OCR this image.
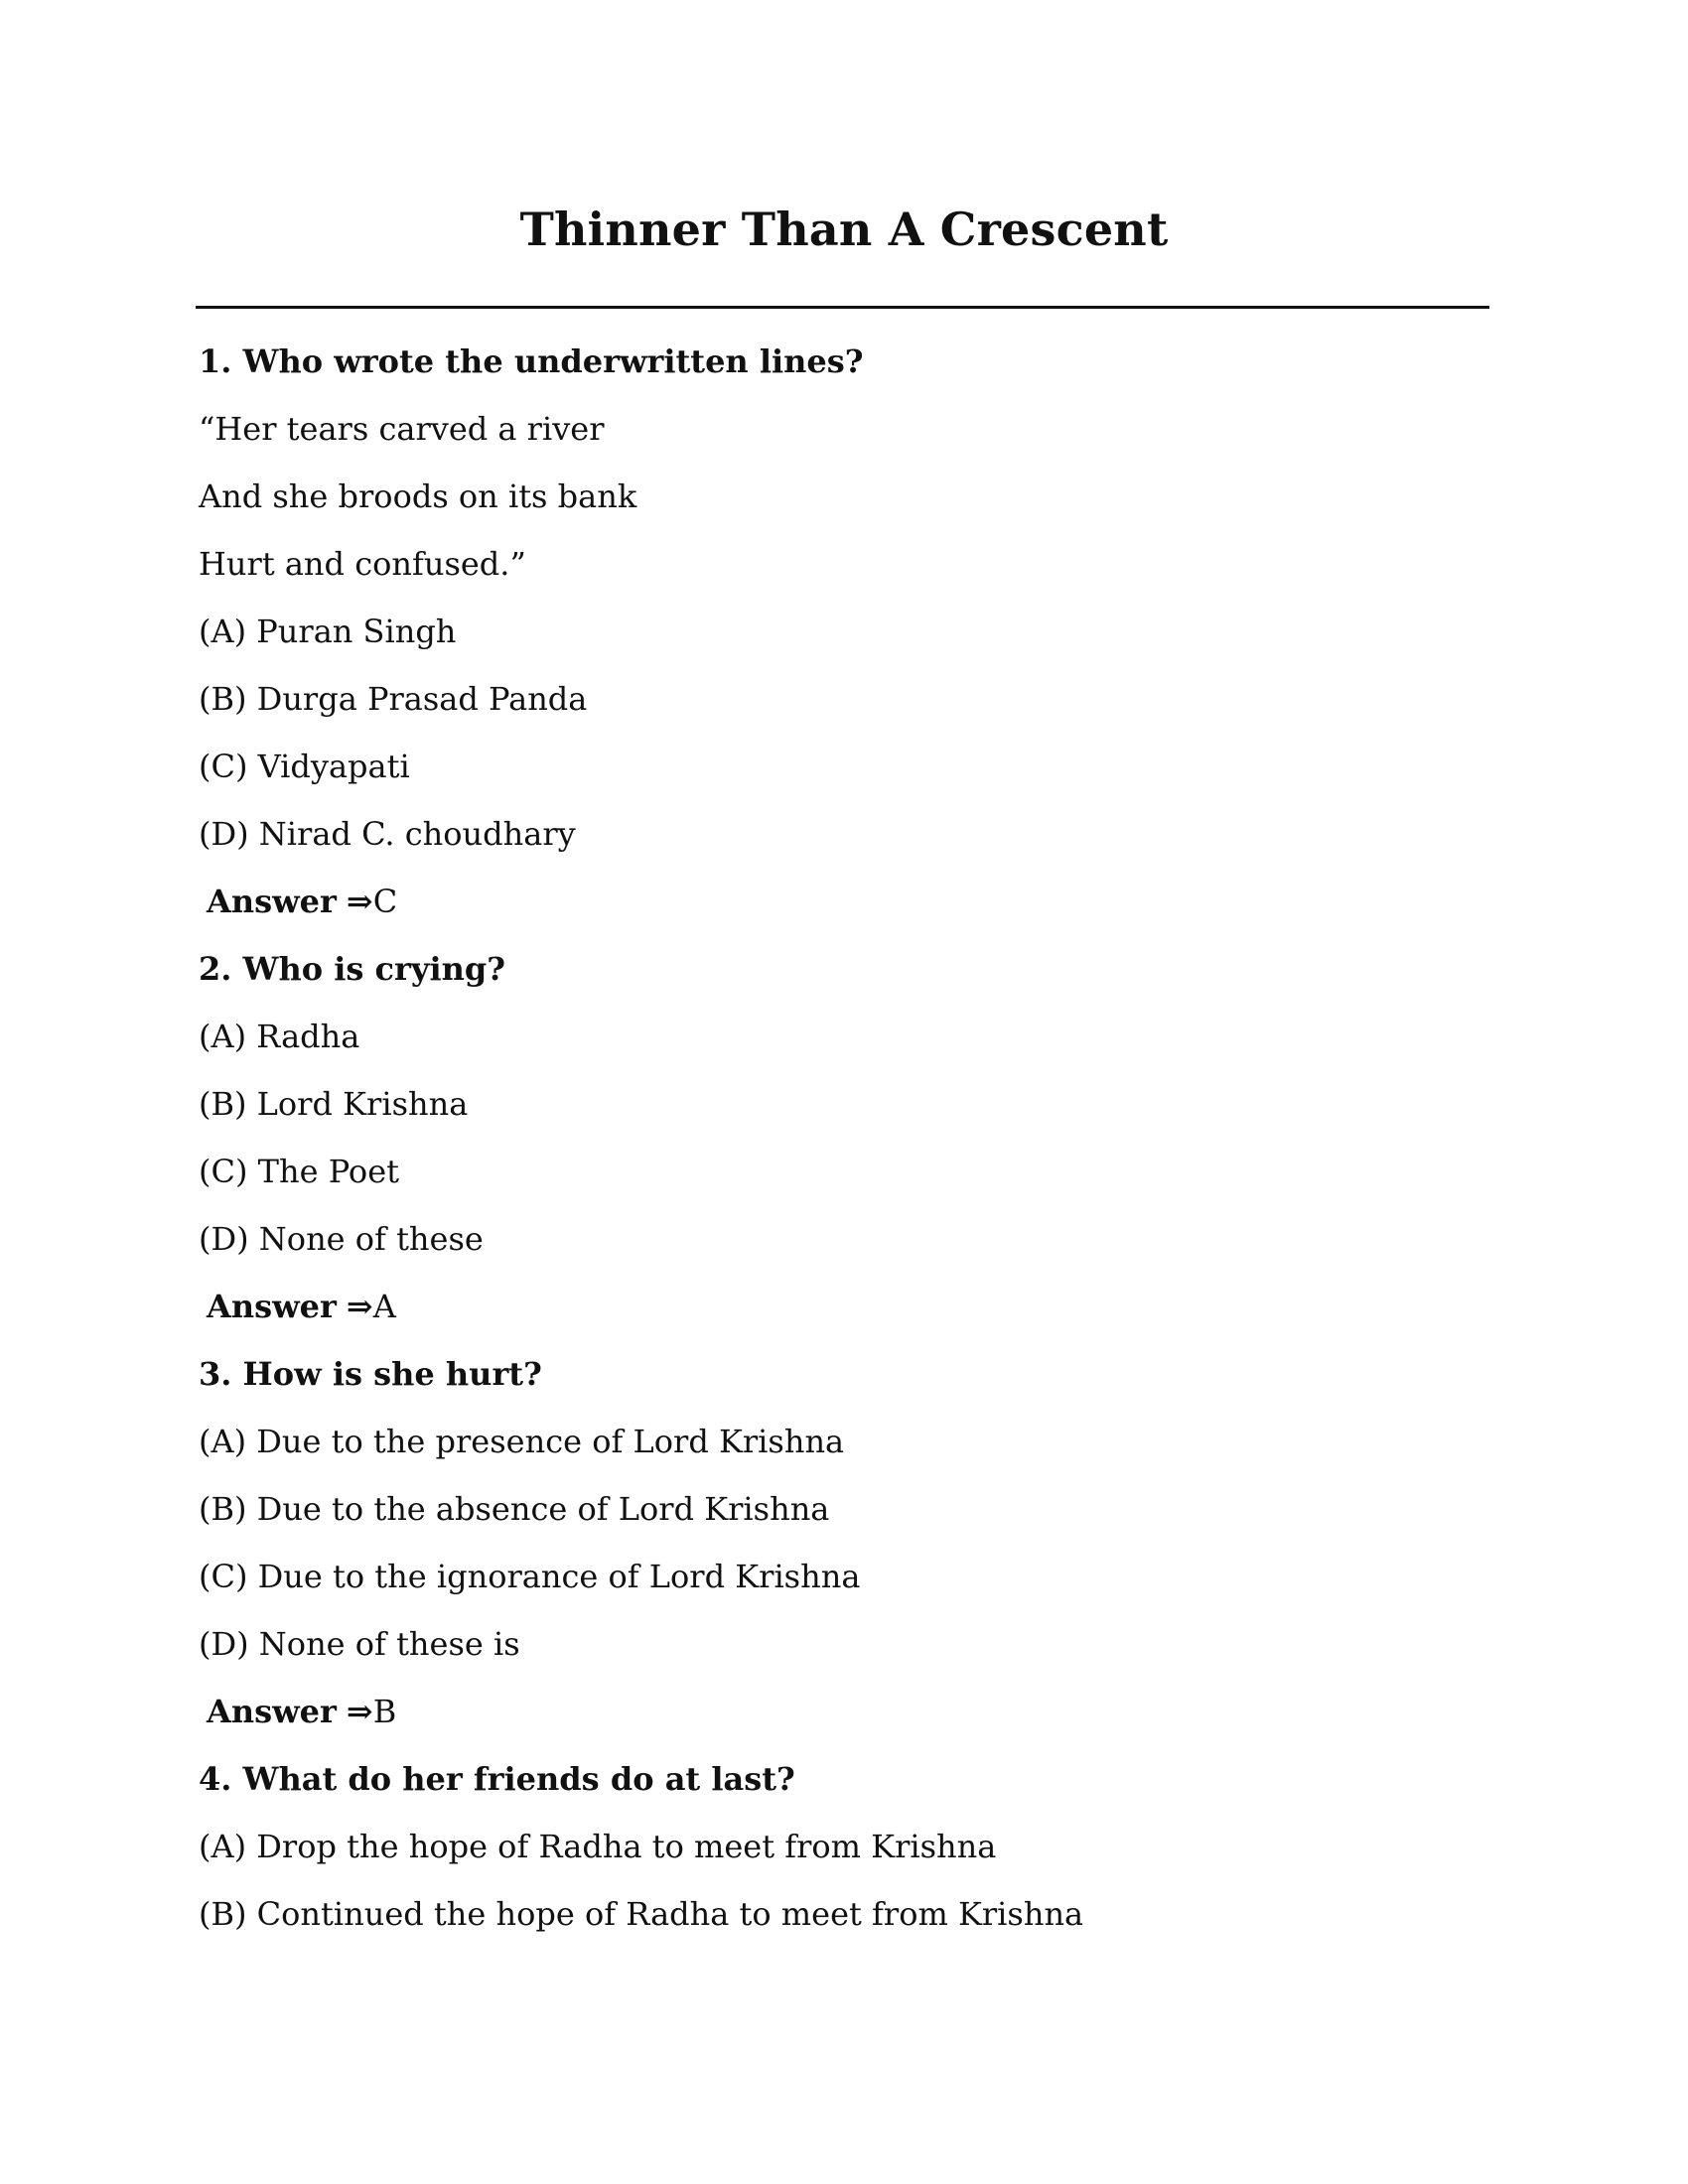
Thinner Than A Crescent
1. Who wrote the underwritten lines?
“Her tears carved a river
And she broods on its bank
Hurt and confused.”
(A) Puran Singh
(B) Durga Prasad Panda
(C) Vidyapati
(D) Nirad C. choudhary
Answer ⇒C
2. Who is crying?
(A) Radha
(B) Lord Krishna
(C) The Poet
(D) None of these
Answer ⇒A
3. How is she hurt?
(A) Due to the presence of Lord Krishna
(B) Due to the absence of Lord Krishna
(C) Due to the ignorance of Lord Krishna
(D) None of these is
Answer ⇒B
4. What do her friends do at last?
(A) Drop the hope of Radha to meet from Krishna
(B) Continued the hope of Radha to meet from Krishna
